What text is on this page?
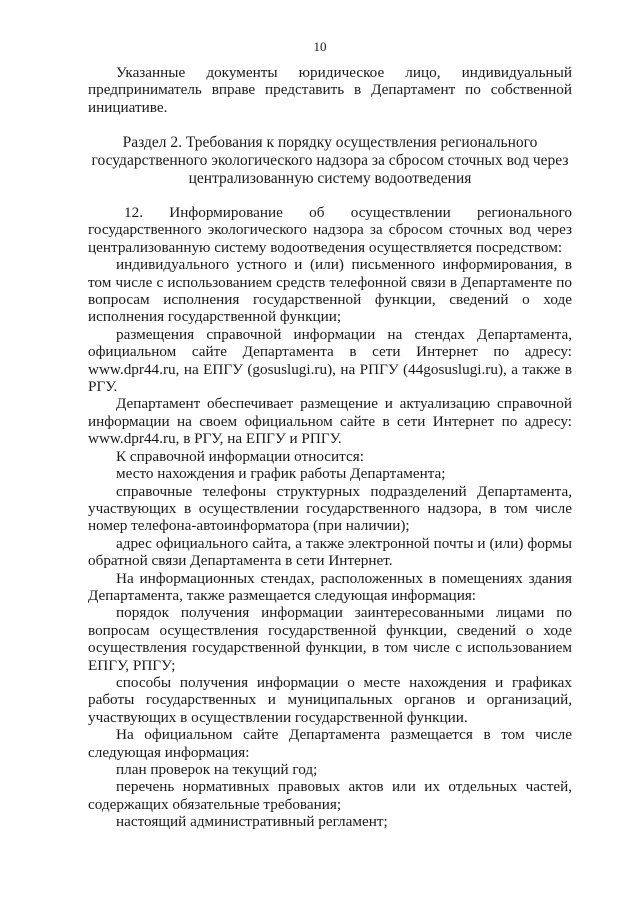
10

Указанные документы юридическое лицо, индивидуальный

предприниматель вправе представить в Департамент по собственной

инициативе.

Раздел 2. Требования к порядку осуществления регионального
государственного экологического надзора за сбросом сточных вод через
централизованную систему водоотведения

12. Информирование об осуществлении регионального государственного экологического надзора за сбросом сточных вод через централизованную систему водоотведения осуществляется посредством:

индивидуального устного и (или) письменного информирования, в том числе с использованием средств телефонной связи в Департаменте по вопросам исполнения государственной функции, сведений о ходе исполнения государственной функции;

размещения справочной информации на стендах Департамента, официальном сайте Департамента в сети Интернет по адресу: www.dpr44.ru, на ЕПГУ (gosuslugi.ru), на РПГУ (44gosuslugi.ru), а также в РГУ.

Департамент обеспечивает размещение и актуализацию справочной информации на своем официальном сайте в сети Интернет по адресу: www.dpr44.ru, в РГУ, на ЕПГУ и РПГУ.

К справочной информации относится:

место нахождения и график работы Департамента;

справочные телефоны структурных подразделений Департамента, участвующих в осуществлении государственного надзора, в том числе номер телефона-автоинформатора (при наличии);

адрес официального сайта, а также электронной почты и (или) формы обратной связи Департамента в сети Интернет.

На информационных стендах, расположенных в помещениях здания Департамента, также размещается следующая информация:

порядок получения информации заинтересованными лицами по вопросам осуществления государственной функции, сведений о ходе осуществления государственной функции, в том числе с использованием ЕПГУ, РПГУ;

способы получения информации о месте нахождения и графиках работы государственных и муниципальных органов и организаций, участвующих в осуществлении государственной функции.

На официальном сайте Департамента размещается в том числе следующая информация:

план проверок на текущий год;

перечень нормативных правовых актов или их отдельных частей, содержащих обязательные требования;

настоящий административный регламент;
